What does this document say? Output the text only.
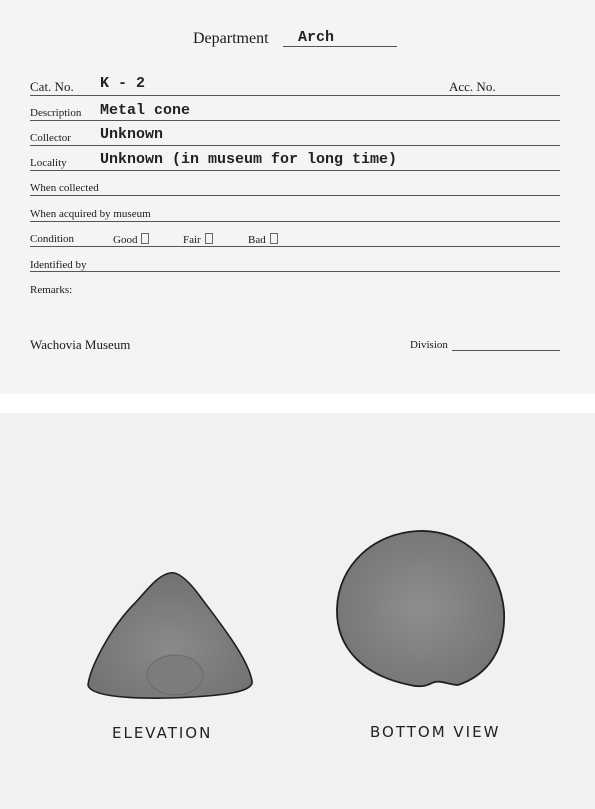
Department Arch
Cat. No. K - 2	Acc. No.
Description Metal cone
Collector Unknown
Locality Unknown (in museum for long time)
When collected
When acquired by museum
Condition	Good	Fair	Bad
Identified by
Remarks:
Wachovia Museum	Division
ELEVATION	BOTTOM VIEW
